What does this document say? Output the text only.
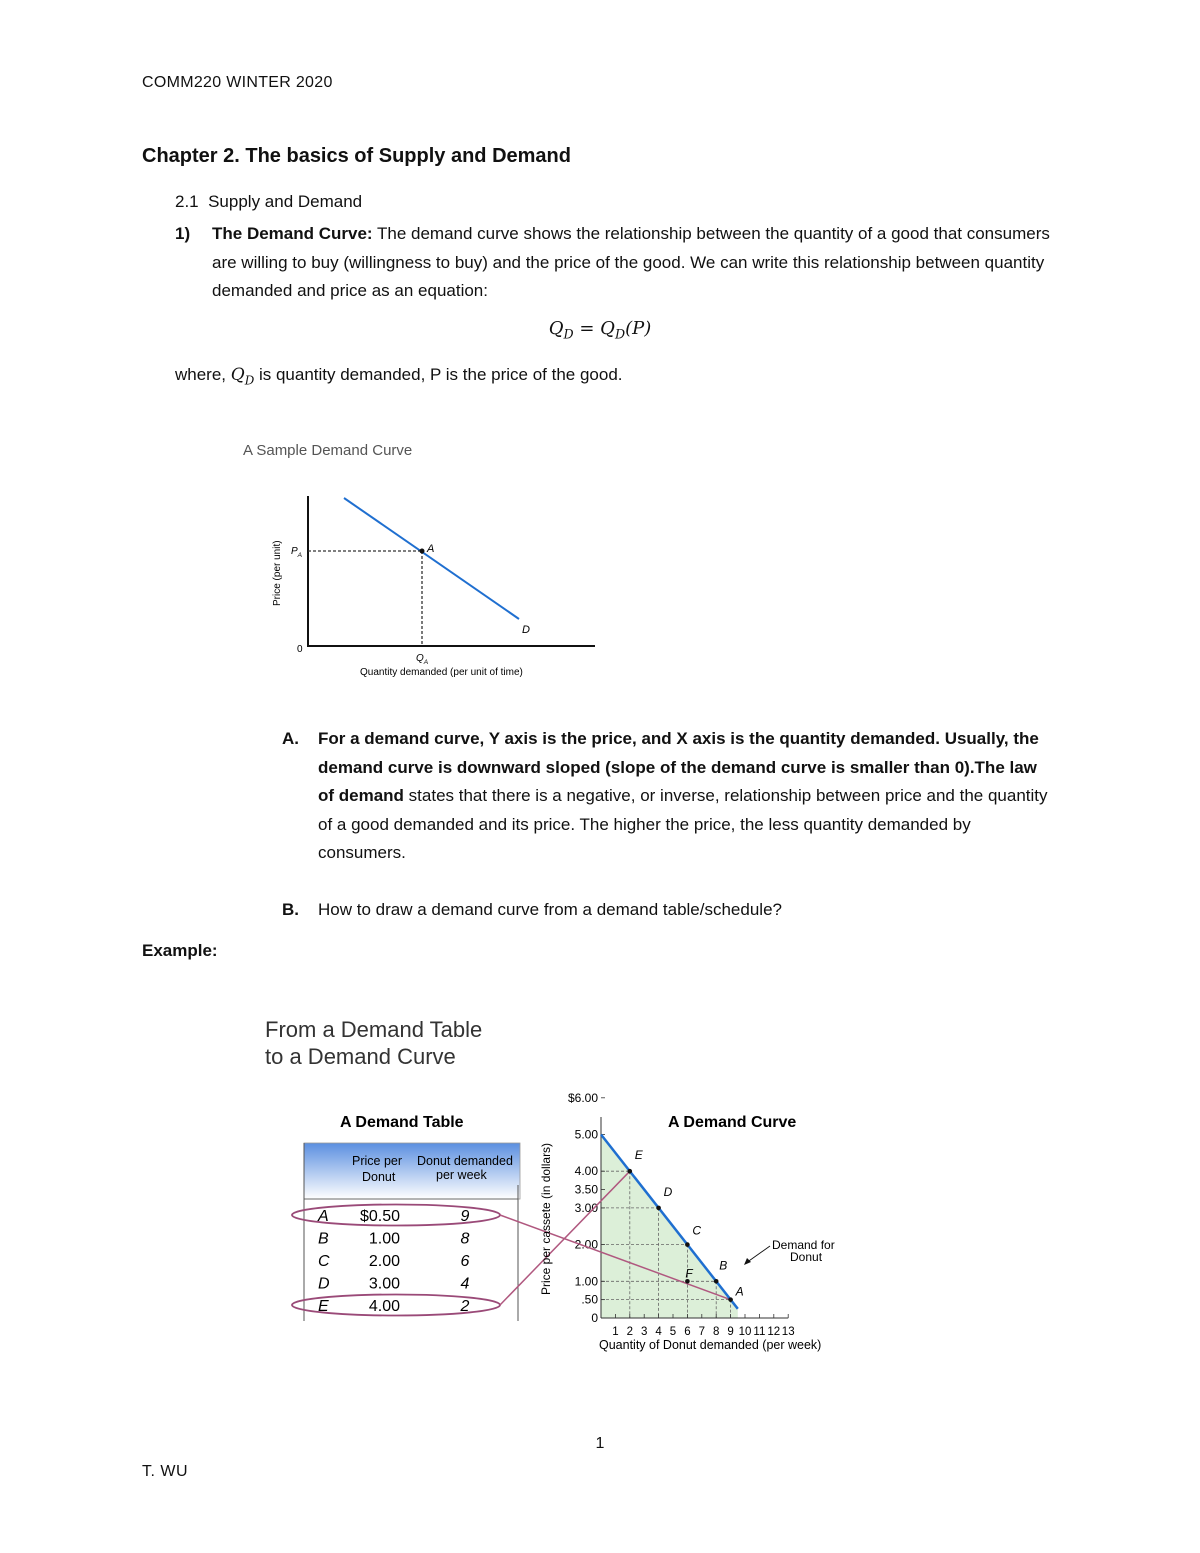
COMM220 WINTER 2020
Chapter 2. The basics of Supply and Demand
2.1 Supply and Demand
1) The Demand Curve: The demand curve shows the relationship between the quantity of a good that consumers are willing to buy (willingness to buy) and the price of the good. We can write this relationship between quantity demanded and price as an equation:
$Q_D = Q_D(P)$
where, $Q_D$ is quantity demanded, P is the price of the good.
A Sample Demand Curve
A
D
$P_A$
0
$Q_A$
Quantity demanded (per unit of time)
Price (per unit)
A. For a demand curve, Y axis is the price, and X axis is the quantity demanded. Usually, the demand curve is downward sloped (slope of the demand curve is smaller than 0).The law of demand states that there is a negative, or inverse, relationship between price and the quantity of a good demanded and its price. The higher the price, the less quantity demanded by consumers.
B. How to draw a demand curve from a demand table/schedule?
Example:
From a Demand Table
to a Demand Curve
A Demand Table
Price per
Donut
Donut demanded
per week
A $0.50	9
B	1.00	8
C 2.00	6
D 3.00	4
E	4.00	2
A Demand Curve
0
.50
1.00
2.00
3.00
3.50
4.00
5.00
$6.00
1 2 3 4 5 6 7 8 9 10 11 12 13
E
D
C
B
A
F
Demand for
Donut
Quantity of Donut demanded (per week)
Price per cassete (in dollars)
1
T. WU
